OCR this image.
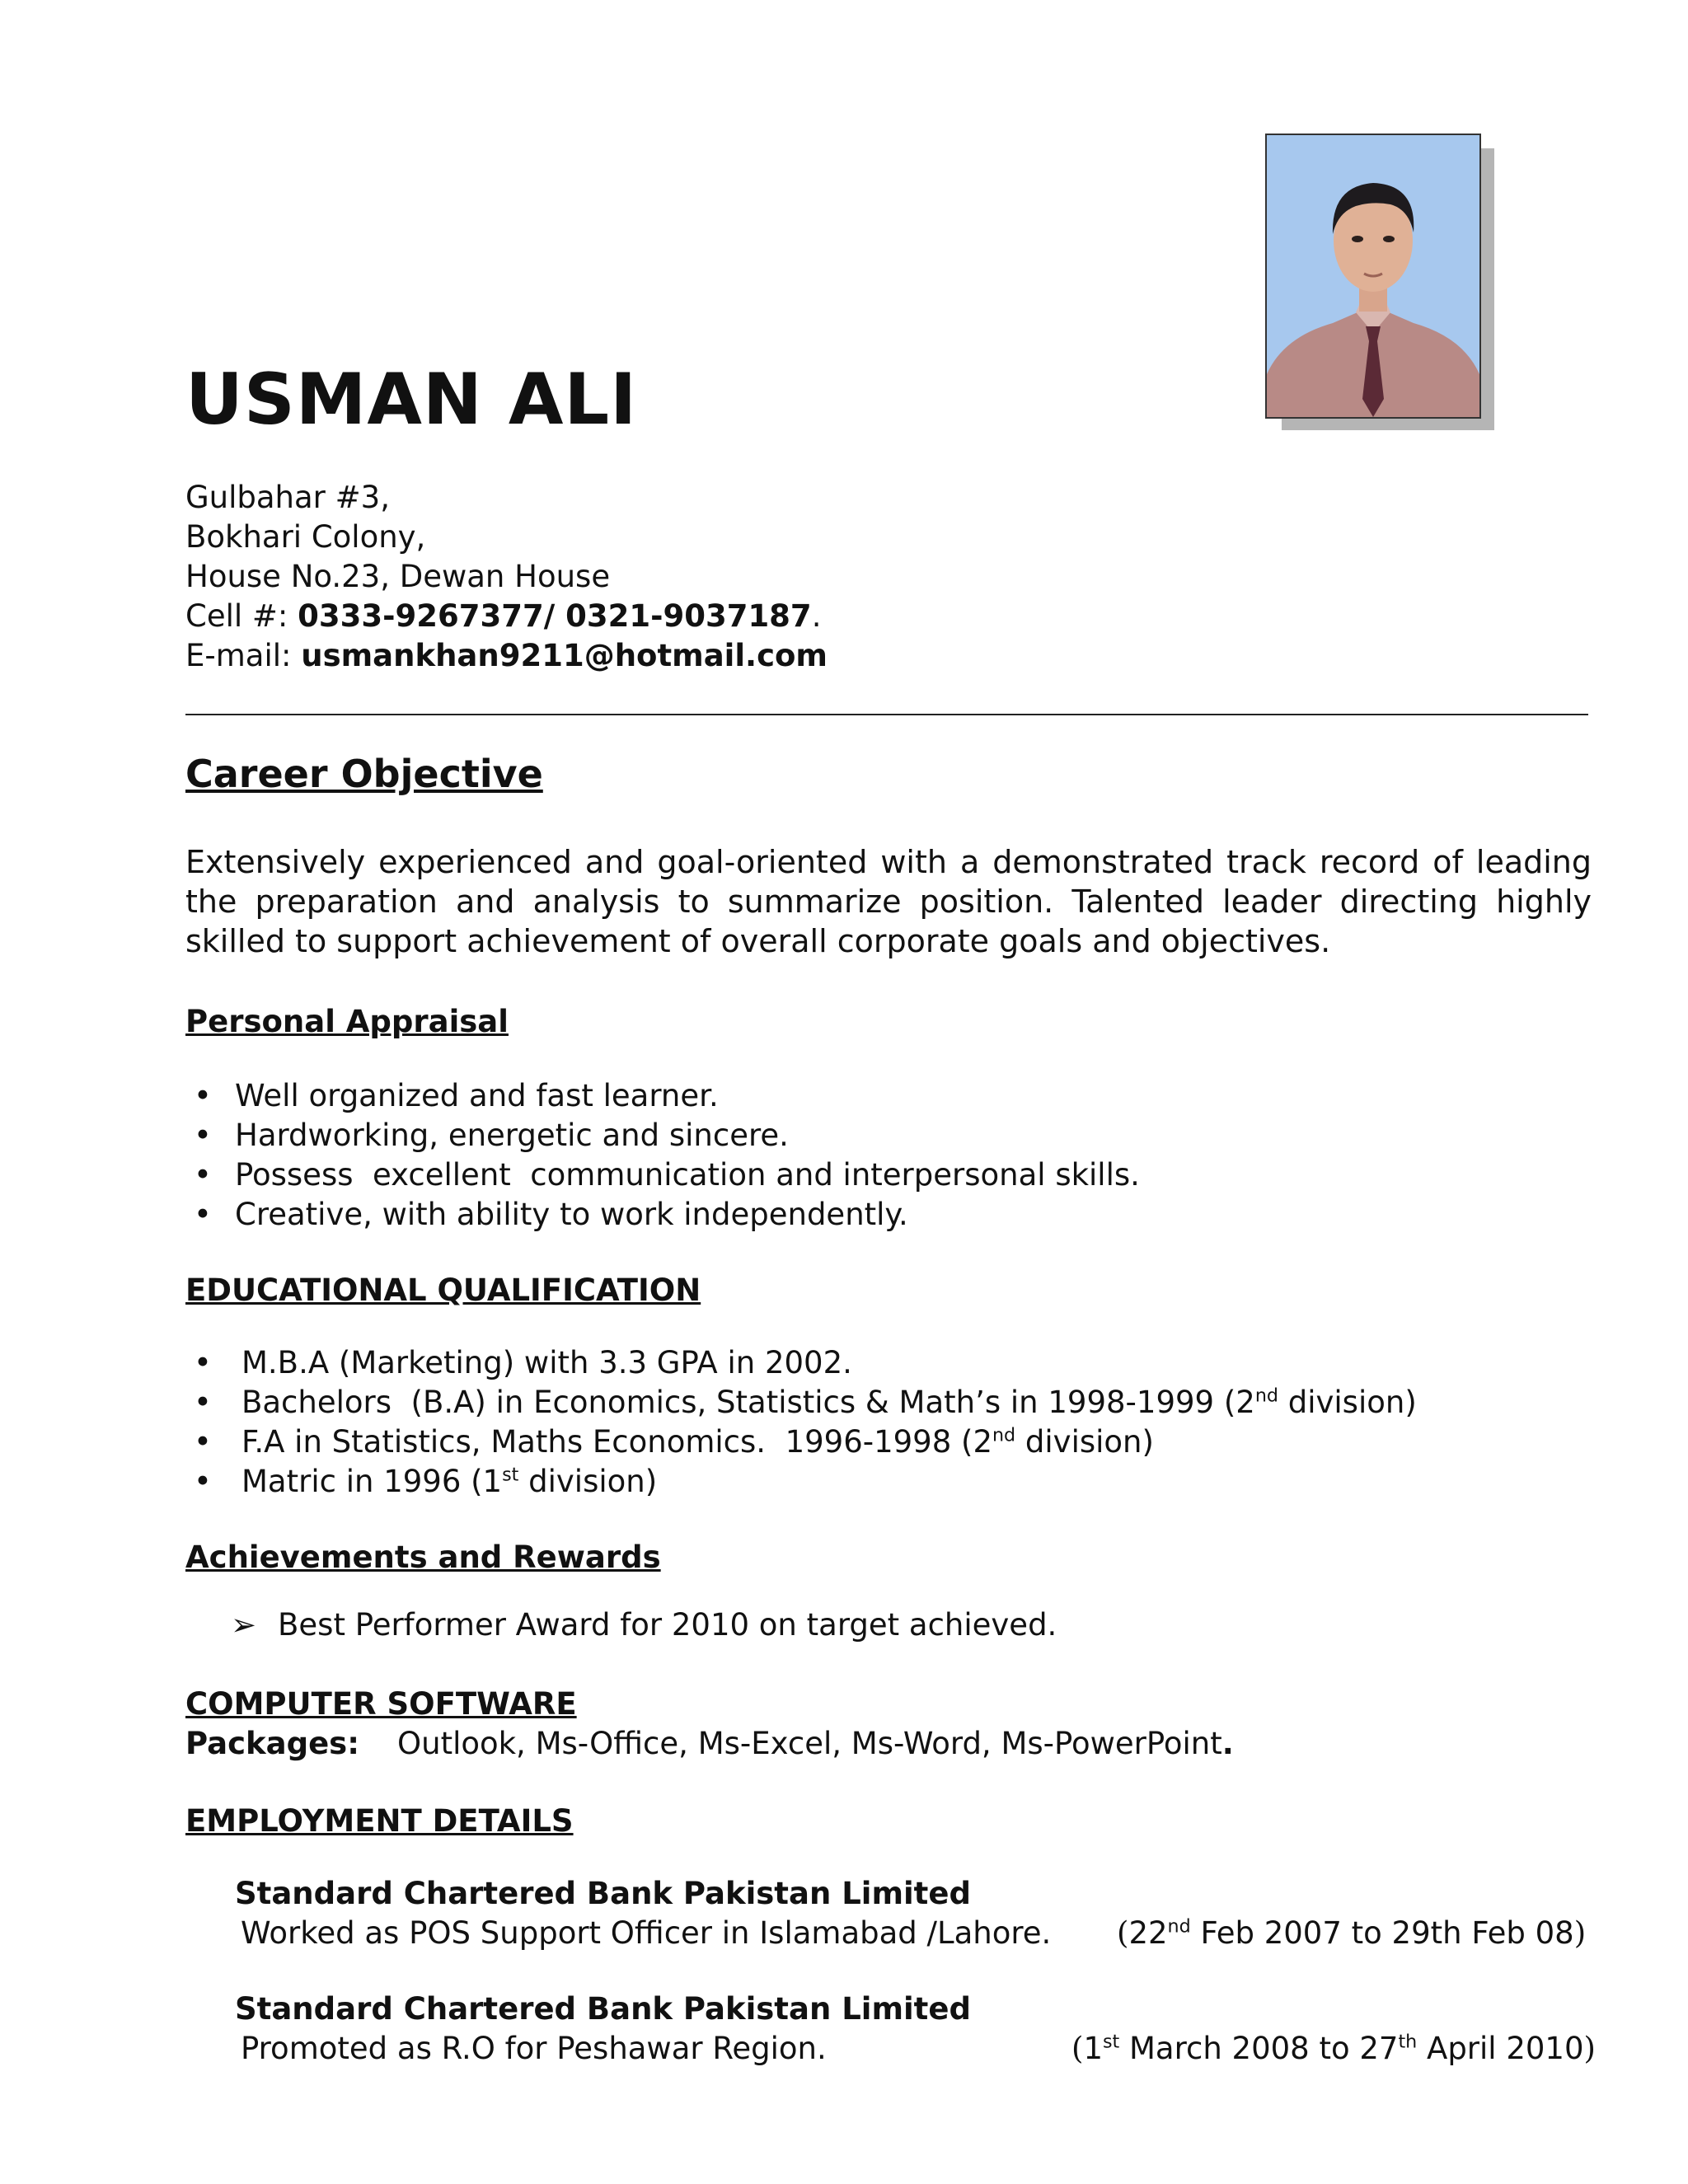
USMAN ALI
Gulbahar #3,
Bokhari Colony,
House No.23, Dewan House
Cell #: 0333-9267377/ 0321-9037187.
E-mail: usmankhan9211@hotmail.com
Career Objective
Extensively experienced and goal-oriented with a demonstrated track record of leading the preparation and analysis to summarize position. Talented leader directing highly skilled to support achievement of overall corporate goals and objectives.
Personal Appraisal
• Well organized and fast learner.
• Hardworking, energetic and sincere.
• Possess  excellent  communication and interpersonal skills.
• Creative, with ability to work independently.
EDUCATIONAL QUALIFICATION
• M.B.A (Marketing) with 3.3 GPA in 2002.
• Bachelors  (B.A) in Economics, Statistics & Math’s in 1998-1999 (2nd division)
• F.A in Statistics, Maths Economics.  1996-1998 (2nd division)
• Matric in 1996 (1st division)
Achievements and Rewards
➢ Best Performer Award for 2010 on target achieved.
COMPUTER SOFTWARE
Packages: Outlook, Ms-Office, Ms-Excel, Ms-Word, Ms-PowerPoint.
EMPLOYMENT DETAILS
Standard Chartered Bank Pakistan Limited
Worked as POS Support Officer in Islamabad /Lahore. (22nd Feb 2007 to 29th Feb 08)
Standard Chartered Bank Pakistan Limited
Promoted as R.O for Peshawar Region.	(1st March 2008 to 27th April 2010)
